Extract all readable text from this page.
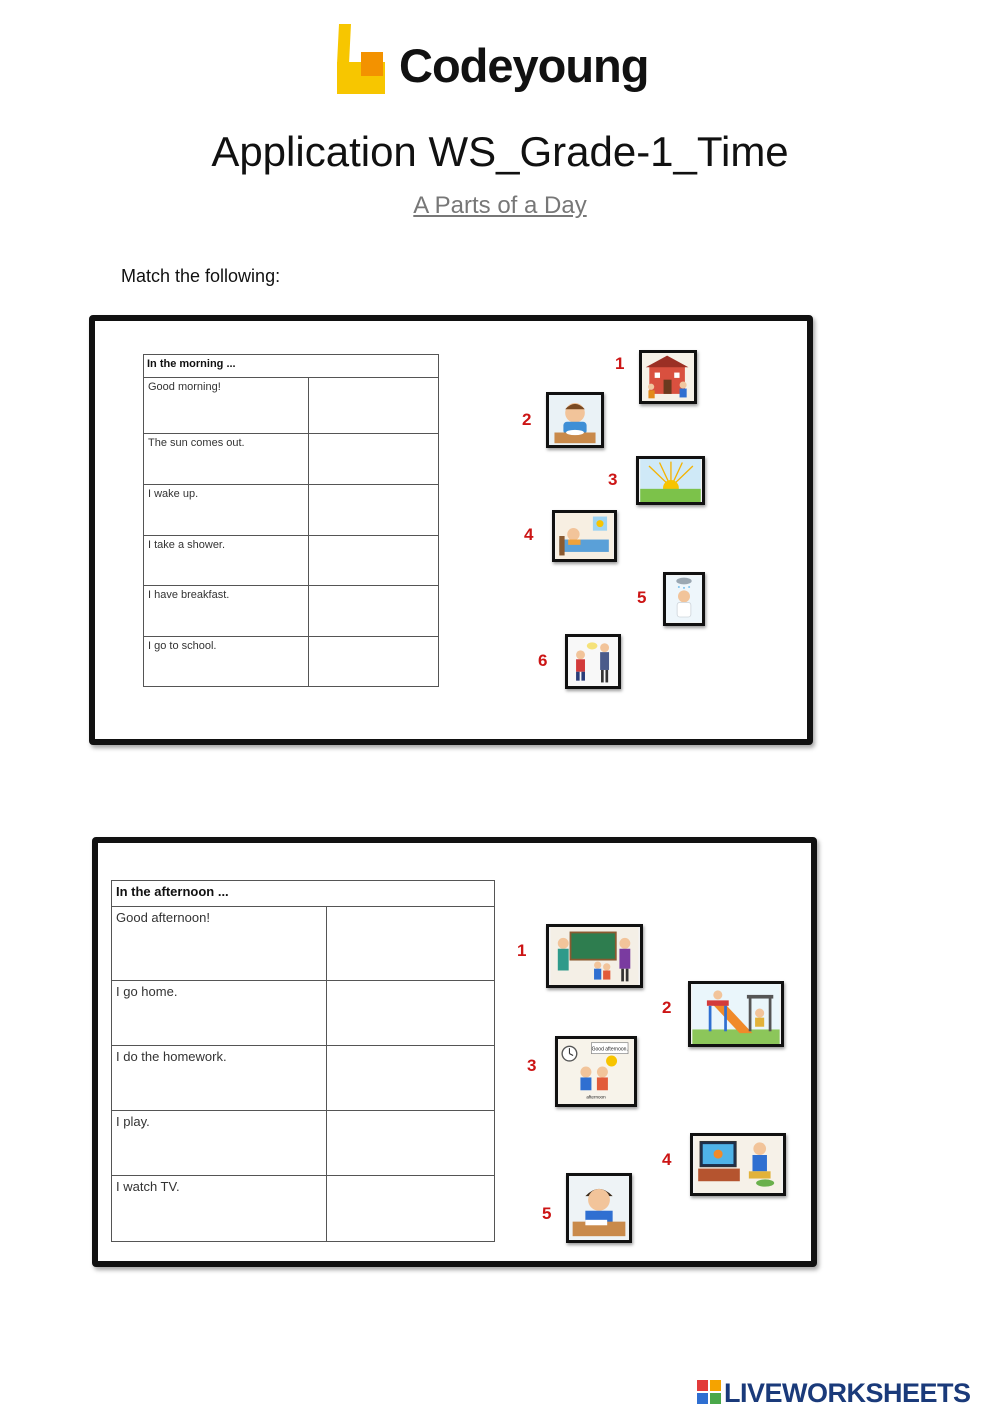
Codeyoung
Application WS_Grade-1_Time
A Parts of a Day
Match the following:
In the morning ...	
Good morning!	
The sun comes out.	
I wake up.	
I take a shower.	
I have breakfast.	
I go to school.	
1
2
3
4
5
6
In the afternoon ...	
Good afternoon!	
I go home.	
I do the homework.	
I play.	
I watch TV.	
1
2
3
Good afternoon.
afternoon
4
5
LIVEWORKSHEETS
